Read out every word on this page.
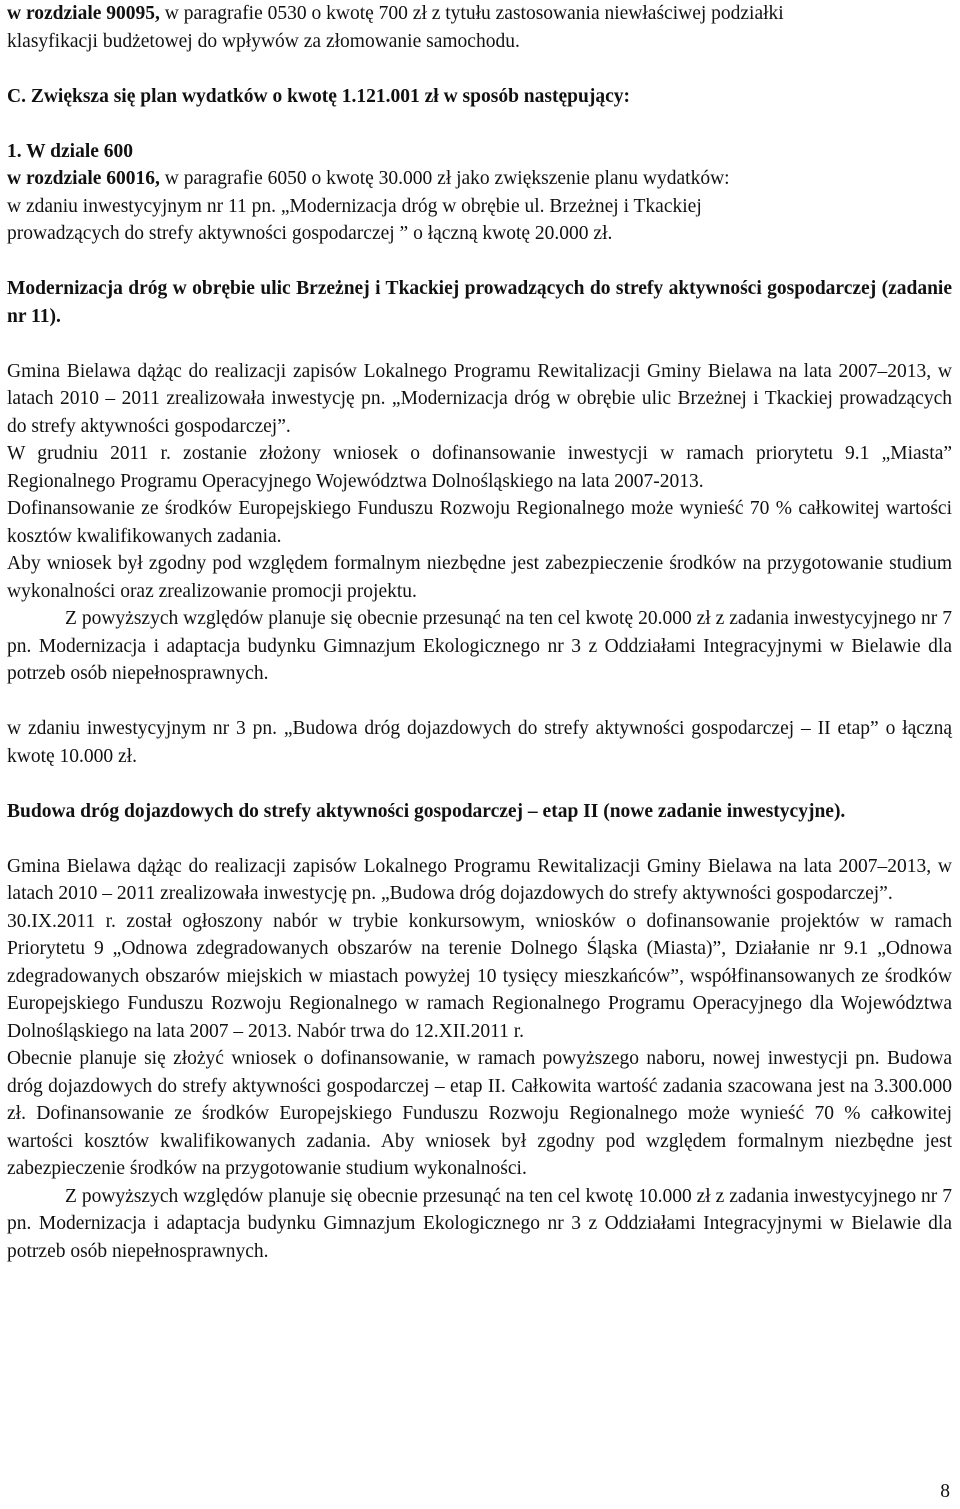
w rozdziale 90095, w paragrafie 0530 o kwotę 700 zł z tytułu zastosowania niewłaściwej podziałki

klasyfikacji budżetowej do wpływów za złomowanie samochodu.

C. Zwiększa się plan wydatków o kwotę 1.121.001 zł w sposób następujący:

1. W dziale 600

w rozdziale 60016, w paragrafie 6050 o kwotę 30.000 zł jako zwiększenie planu wydatków:

w zdaniu inwestycyjnym nr 11 pn. „Modernizacja dróg w obrębie ul. Brzeżnej i Tkackiej

prowadzących do strefy aktywności gospodarczej ” o łączną kwotę 20.000 zł.

Modernizacja dróg w obrębie ulic Brzeżnej i Tkackiej prowadzących do strefy aktywności gospodarczej (zadanie nr 11).

Gmina Bielawa dążąc do realizacji zapisów Lokalnego Programu Rewitalizacji Gminy Bielawa na lata 2007–2013, w latach 2010 – 2011 zrealizowała inwestycję pn. „Modernizacja dróg w obrębie ulic Brzeżnej i Tkackiej prowadzących do strefy aktywności gospodarczej”.

W grudniu 2011 r. zostanie złożony wniosek o dofinansowanie inwestycji w ramach priorytetu 9.1 „Miasta” Regionalnego Programu Operacyjnego Województwa Dolnośląskiego na lata 2007-2013.

Dofinansowanie ze środków Europejskiego Funduszu Rozwoju Regionalnego może wynieść 70 % całkowitej wartości kosztów kwalifikowanych zadania.

Aby wniosek był zgodny pod względem formalnym niezbędne jest zabezpieczenie środków na przygotowanie studium wykonalności oraz zrealizowanie promocji projektu.

Z powyższych względów planuje się obecnie przesunąć na ten cel kwotę 20.000 zł z zadania inwestycyjnego nr 7 pn. Modernizacja i adaptacja budynku Gimnazjum Ekologicznego nr 3 z Oddziałami Integracyjnymi w Bielawie dla potrzeb osób niepełnosprawnych.

w zdaniu inwestycyjnym nr 3 pn. „Budowa dróg dojazdowych do strefy aktywności gospodarczej – II etap” o łączną kwotę 10.000 zł.

Budowa dróg dojazdowych do strefy aktywności gospodarczej – etap II (nowe zadanie inwestycyjne).

Gmina Bielawa dążąc do realizacji zapisów Lokalnego Programu Rewitalizacji Gminy Bielawa na lata 2007–2013, w latach 2010 – 2011 zrealizowała inwestycję pn. „Budowa dróg dojazdowych do strefy aktywności gospodarczej”.

30.IX.2011 r. został ogłoszony nabór w trybie konkursowym, wniosków o dofinansowanie projektów w ramach Priorytetu 9 „Odnowa zdegradowanych obszarów na terenie Dolnego Śląska (Miasta)”, Działanie nr 9.1 „Odnowa zdegradowanych obszarów miejskich w miastach powyżej 10 tysięcy mieszkańców”, współfinansowanych ze środków Europejskiego Funduszu Rozwoju Regionalnego w ramach Regionalnego Programu Operacyjnego dla Województwa Dolnośląskiego na lata 2007 – 2013. Nabór trwa do 12.XII.2011 r.

Obecnie planuje się złożyć wniosek o dofinansowanie, w ramach powyższego naboru, nowej inwestycji pn. Budowa dróg dojazdowych do strefy aktywności gospodarczej – etap II. Całkowita wartość zadania szacowana jest na 3.300.000 zł. Dofinansowanie ze środków Europejskiego Funduszu Rozwoju Regionalnego może wynieść 70 % całkowitej wartości kosztów kwalifikowanych zadania. Aby wniosek był zgodny pod względem formalnym niezbędne jest zabezpieczenie środków na przygotowanie studium wykonalności.

Z powyższych względów planuje się obecnie przesunąć na ten cel kwotę 10.000 zł z zadania inwestycyjnego nr 7 pn. Modernizacja i adaptacja budynku Gimnazjum Ekologicznego nr 3 z Oddziałami Integracyjnymi w Bielawie dla potrzeb osób niepełnosprawnych.

8
